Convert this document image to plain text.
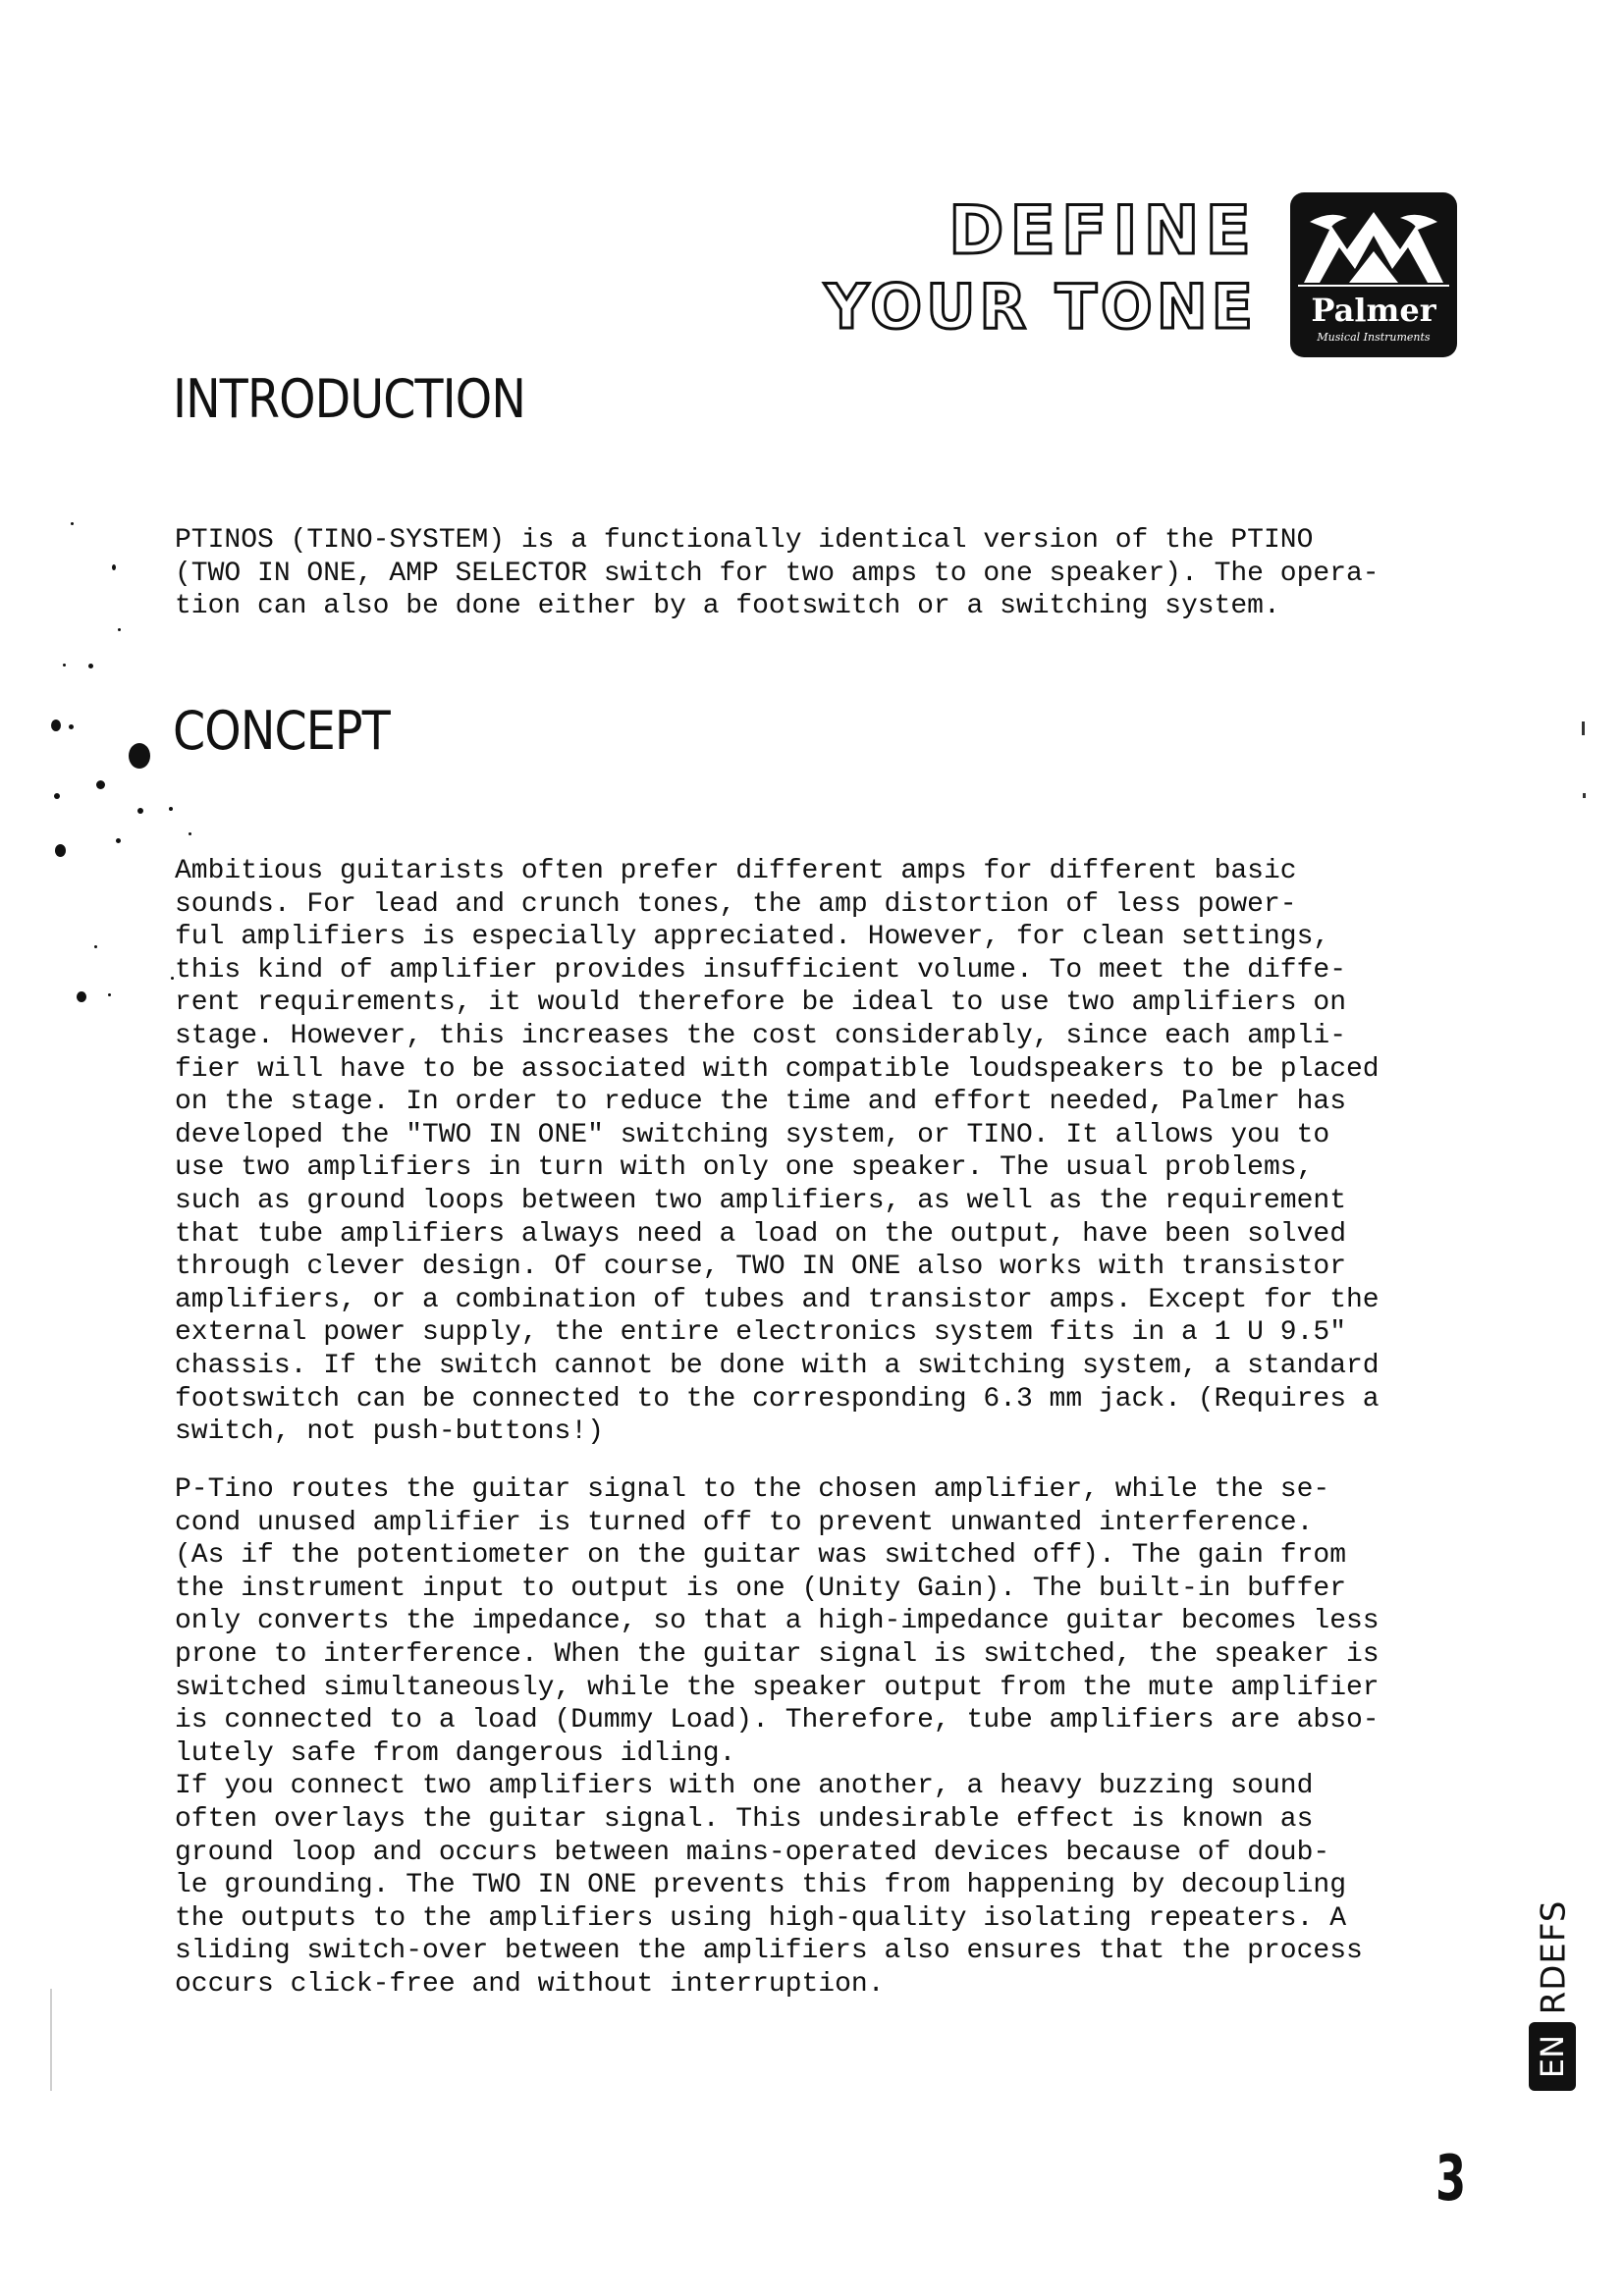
DEFINE
YOUR TONE	Palmer
Musical Instruments
INTRODUCTION

PTINOS (TINO-SYSTEM) is a functionally identical version of the PTINO
(TWO IN ONE, AMP SELECTOR switch for two amps to one speaker). The opera-
tion can also be done either by a footswitch or a switching system.

CONCEPT

Ambitious guitarists often prefer different amps for different basic
sounds. For lead and crunch tones, the amp distortion of less power-
ful amplifiers is especially appreciated. However, for clean settings,
this kind of amplifier provides insufficient volume. To meet the diffe-
rent requirements, it would therefore be ideal to use two amplifiers on
stage. However, this increases the cost considerably, since each ampli-
fier will have to be associated with compatible loudspeakers to be placed
on the stage. In order to reduce the time and effort needed, Palmer has
developed the "TWO IN ONE" switching system, or TINO. It allows you to
use two amplifiers in turn with only one speaker. The usual problems,
such as ground loops between two amplifiers, as well as the requirement
that tube amplifiers always need a load on the output, have been solved
through clever design. Of course, TWO IN ONE also works with transistor
amplifiers, or a combination of tubes and transistor amps. Except for the
external power supply, the entire electronics system fits in a 1 U 9.5"
chassis. If the switch cannot be done with a switching system, a standard
footswitch can be connected to the corresponding 6.3 mm jack. (Requires a
switch, not push-buttons!)

P-Tino routes the guitar signal to the chosen amplifier, while the se-
cond unused amplifier is turned off to prevent unwanted interference.
(As if the potentiometer on the guitar was switched off). The gain from
the instrument input to output is one (Unity Gain). The built-in buffer
only converts the impedance, so that a high-impedance guitar becomes less
prone to interference. When the guitar signal is switched, the speaker is
switched simultaneously, while the speaker output from the mute amplifier
is connected to a load (Dummy Load). Therefore, tube amplifiers are abso-
lutely safe from dangerous idling.
If you connect two amplifiers with one another, a heavy buzzing sound
often overlays the guitar signal. This undesirable effect is known as
ground loop and occurs between mains-operated devices because of doub-
le grounding. The TWO IN ONE prevents this from happening by decoupling
the outputs to the amplifiers using high-quality isolating repeaters. A
sliding switch-over between the amplifiers also ensures that the process
occurs click-free and without interruption.	RDEFS
EN
3
